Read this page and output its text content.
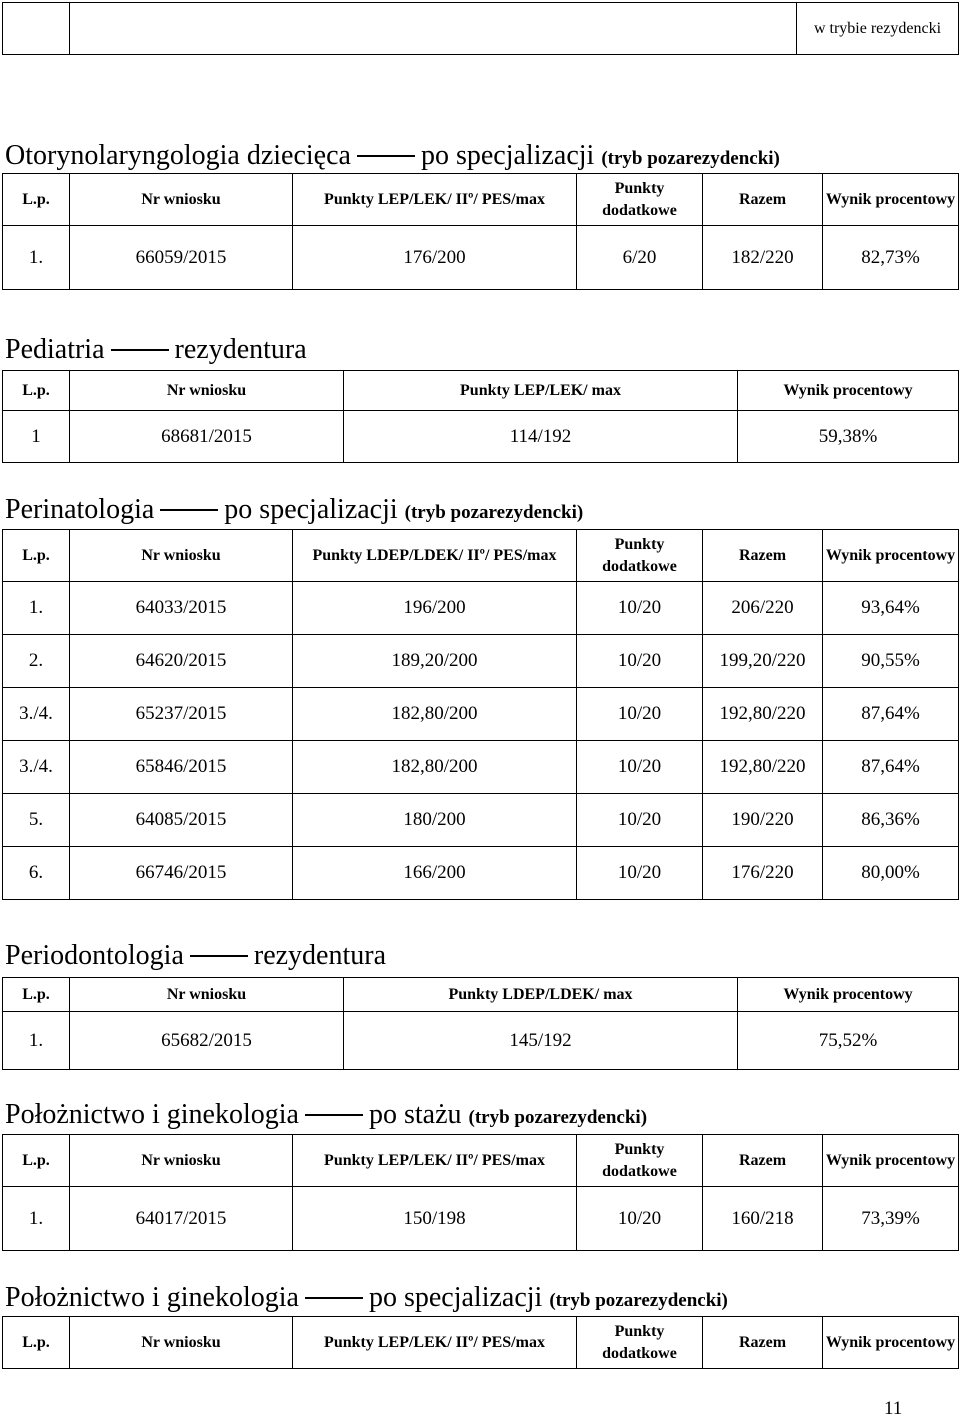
		w trybie rezydencki
Otorynolaryngologia dziecięca	po specjalizacji (tryb pozarezydencki)
L.p.	Nr wniosku	Punkty LEP/LEK/ IIº/ PES/max	Punkty dodatkowe	Razem	Wynik procentowy
1.	66059/2015	176/200	6/20	182/220	82,73%
Pediatria	rezydentura
L.p.	Nr wniosku	Punkty LEP/LEK/ max	Wynik procentowy
1	68681/2015	114/192	59,38%
Perinatologia	po specjalizacji (tryb pozarezydencki)
L.p.	Nr wniosku	Punkty LDEP/LDEK/ IIº/ PES/max	Punkty dodatkowe	Razem	Wynik procentowy
1.	64033/2015	196/200	10/20	206/220	93,64%
2.	64620/2015	189,20/200	10/20	199,20/220	90,55%
3./4.	65237/2015	182,80/200	10/20	192,80/220	87,64%
3./4.	65846/2015	182,80/200	10/20	192,80/220	87,64%
5.	64085/2015	180/200	10/20	190/220	86,36%
6.	66746/2015	166/200	10/20	176/220	80,00%
Periodontologia	rezydentura
L.p.	Nr wniosku	Punkty LDEP/LDEK/ max	Wynik procentowy
1.	65682/2015	145/192	75,52%
Położnictwo i ginekologia	po stażu (tryb pozarezydencki)
L.p.	Nr wniosku	Punkty LEP/LEK/ IIº/ PES/max	Punkty dodatkowe	Razem	Wynik procentowy
1.	64017/2015	150/198	10/20	160/218	73,39%
Położnictwo i ginekologia	po specjalizacji (tryb pozarezydencki)
L.p.	Nr wniosku	Punkty LEP/LEK/ IIº/ PES/max	Punkty dodatkowe	Razem	Wynik procentowy
11
